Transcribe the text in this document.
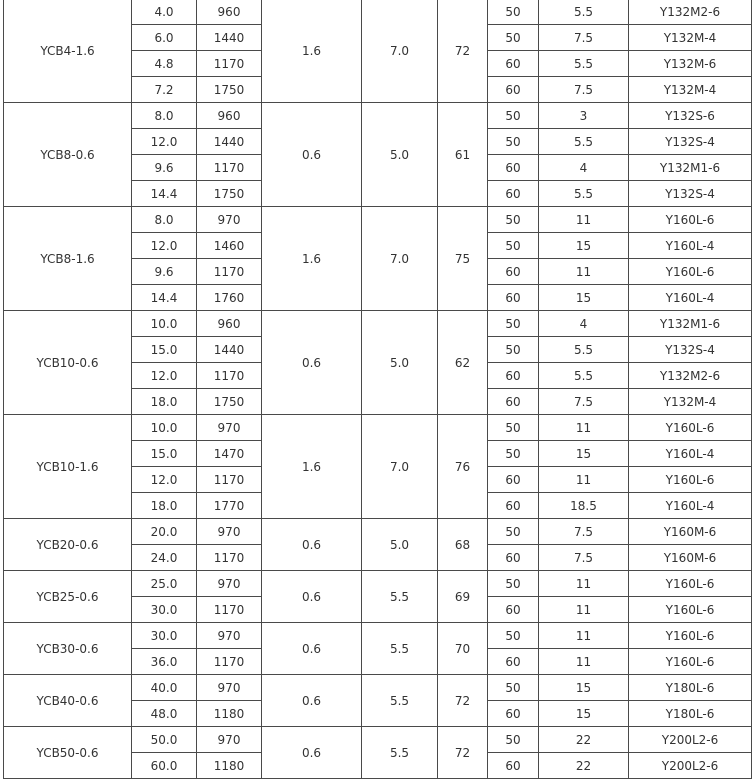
YCB4-1.6	4.0	960	1.6	7.0	72	50	5.5	Y132M2-6
	6.0	1440				50	7.5	Y132M-4
	4.8	1170				60	5.5	Y132M-6
	7.2	1750				60	7.5	Y132M-4
YCB8-0.6	8.0	960	0.6	5.0	61	50	3	Y132S-6
	12.0	1440				50	5.5	Y132S-4
	9.6	1170				60	4	Y132M1-6
	14.4	1750				60	5.5	Y132S-4
YCB8-1.6	8.0	970	1.6	7.0	75	50	11	Y160L-6
	12.0	1460				50	15	Y160L-4
	9.6	1170				60	11	Y160L-6
	14.4	1760				60	15	Y160L-4
YCB10-0.6	10.0	960	0.6	5.0	62	50	4	Y132M1-6
	15.0	1440				50	5.5	Y132S-4
	12.0	1170				60	5.5	Y132M2-6
	18.0	1750				60	7.5	Y132M-4
YCB10-1.6	10.0	970	1.6	7.0	76	50	11	Y160L-6
	15.0	1470				50	15	Y160L-4
	12.0	1170				60	11	Y160L-6
	18.0	1770				60	18.5	Y160L-4
YCB20-0.6	20.0	970	0.6	5.0	68	50	7.5	Y160M-6
	24.0	1170				60	7.5	Y160M-6
YCB25-0.6	25.0	970	0.6	5.5	69	50	11	Y160L-6
	30.0	1170				60	11	Y160L-6
YCB30-0.6	30.0	970	0.6	5.5	70	50	11	Y160L-6
	36.0	1170				60	11	Y160L-6
YCB40-0.6	40.0	970	0.6	5.5	72	50	15	Y180L-6
	48.0	1180				60	15	Y180L-6
YCB50-0.6	50.0	970	0.6	5.5	72	50	22	Y200L2-6
	60.0	1180				60	22	Y200L2-6
